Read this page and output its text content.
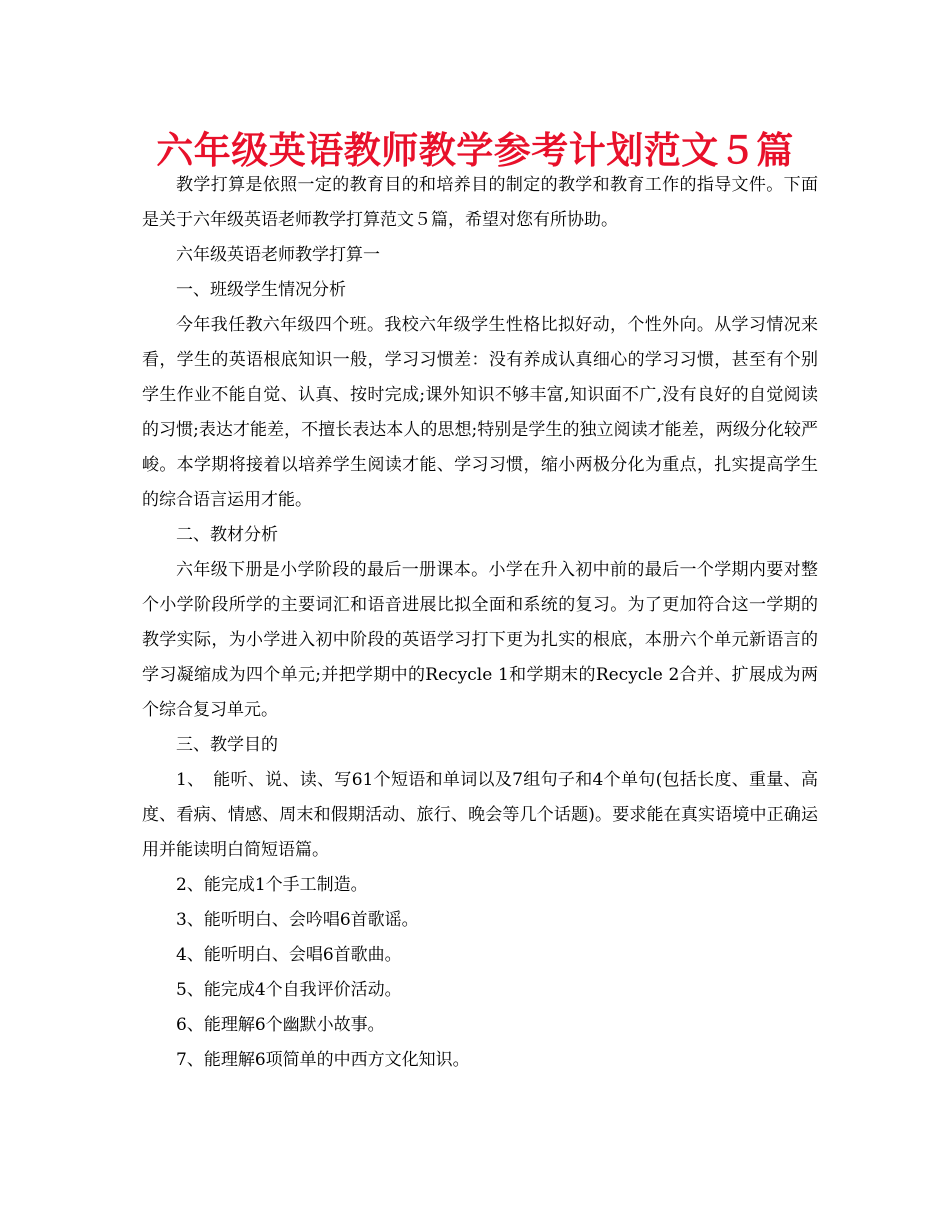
六年级英语教师教学参考计划范文５篇

教学打算是依照一定的教育目的和培养目的制定的教学和教育工作的指导文件。下面是关于六年级英语老师教学打算范文５篇，希望对您有所协助。

六年级英语老师教学打算一

一、班级学生情况分析

今年我任教六年级四个班。我校六年级学生性格比拟好动，个性外向。从学习情况来看，学生的英语根底知识一般，学习习惯差：没有养成认真细心的学习习惯，甚至有个别学生作业不能自觉、认真、按时完成;课外知识不够丰富,知识面不广,没有良好的自觉阅读的习惯;表达才能差，不擅长表达本人的思想;特别是学生的独立阅读才能差，两级分化较严峻。本学期将接着以培养学生阅读才能、学习习惯，缩小两极分化为重点，扎实提高学生的综合语言运用才能。

二、教材分析

六年级下册是小学阶段的最后一册课本。小学在升入初中前的最后一个学期内要对整个小学阶段所学的主要词汇和语音进展比拟全面和系统的复习。为了更加符合这一学期的教学实际，为小学进入初中阶段的英语学习打下更为扎实的根底，本册六个单元新语言的学习凝缩成为四个单元;并把学期中的Recycle 1和学期末的Recycle 2合并、扩展成为两个综合复习单元。

三、教学目的

1、　能听、说、读、写61个短语和单词以及7组句子和4个单句(包括长度、重量、高度、看病、情感、周末和假期活动、旅行、晚会等几个话题)。要求能在真实语境中正确运用并能读明白简短语篇。

2、能完成1个手工制造。

3、能听明白、会吟唱6首歌谣。

4、能听明白、会唱6首歌曲。

5、能完成4个自我评价活动。

6、能理解6个幽默小故事。

7、能理解6项简单的中西方文化知识。
